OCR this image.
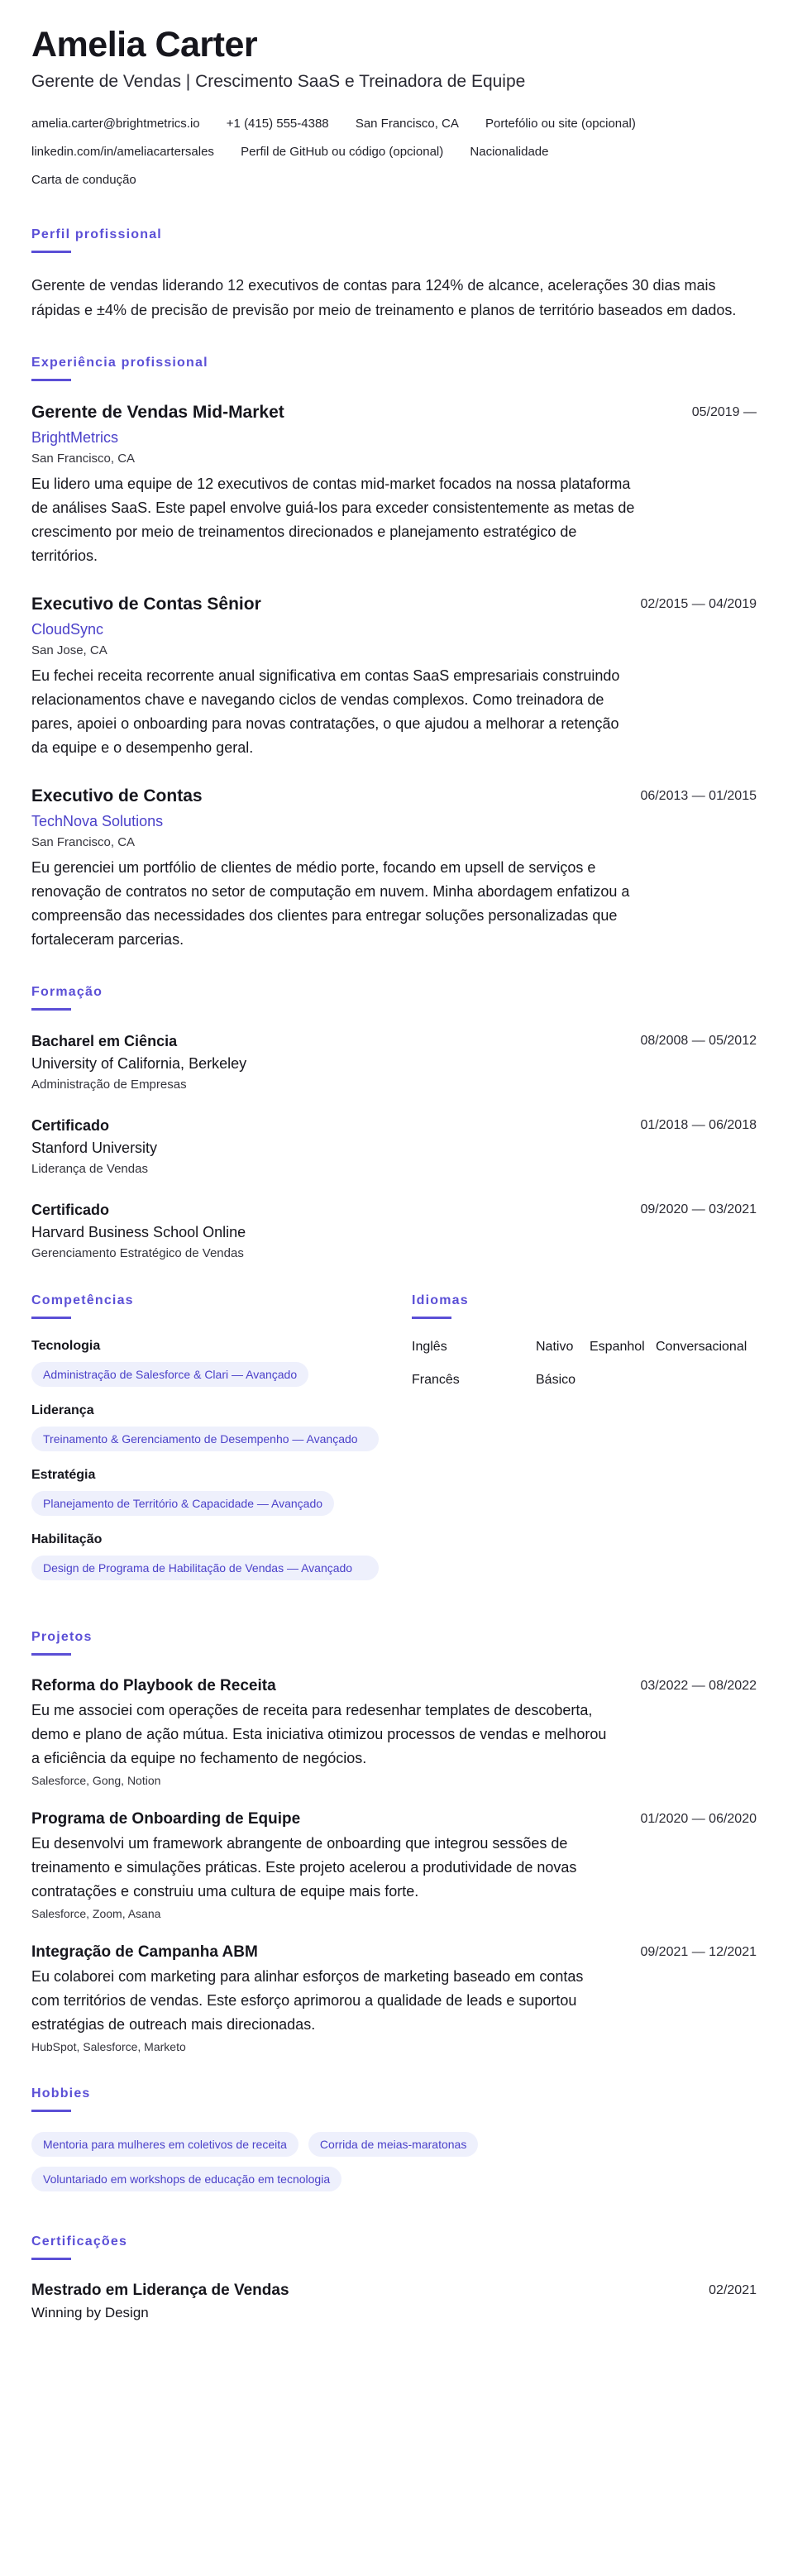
Amelia Carter
Gerente de Vendas | Crescimento SaaS e Treinadora de Equipe
amelia.carter@brightmetrics.io +1 (415) 555-4388 San Francisco, CA Portefólio ou site (opcional)
linkedin.com/in/ameliacartersales Perfil de GitHub ou código (opcional) Nacionalidade
Carta de condução
Perfil profissional
Gerente de vendas liderando 12 executivos de contas para 124% de alcance, acelerações 30 dias mais rápidas e ±4% de precisão de previsão por meio de treinamento e planos de território baseados em dados.
Experiência profissional
Gerente de Vendas Mid-Market	05/2019 —
BrightMetrics
San Francisco, CA
Eu lidero uma equipe de 12 executivos de contas mid-market focados na nossa plataforma de análises SaaS. Este papel envolve guiá-los para exceder consistentemente as metas de crescimento por meio de treinamentos direcionados e planejamento estratégico de territórios.
Executivo de Contas Sênior	02/2015 — 04/2019
CloudSync
San Jose, CA
Eu fechei receita recorrente anual significativa em contas SaaS empresariais construindo relacionamentos chave e navegando ciclos de vendas complexos. Como treinadora de pares, apoiei o onboarding para novas contratações, o que ajudou a melhorar a retenção da equipe e o desempenho geral.
Executivo de Contas	06/2013 — 01/2015
TechNova Solutions
San Francisco, CA
Eu gerenciei um portfólio de clientes de médio porte, focando em upsell de serviços e renovação de contratos no setor de computação em nuvem. Minha abordagem enfatizou a compreensão das necessidades dos clientes para entregar soluções personalizadas que fortaleceram parcerias.
Formação
Bacharel em Ciência	08/2008 — 05/2012
University of California, Berkeley
Administração de Empresas
Certificado	01/2018 — 06/2018
Stanford University
Liderança de Vendas
Certificado	09/2020 — 03/2021
Harvard Business School Online
Gerenciamento Estratégico de Vendas
Competências
Tecnologia
Administração de Salesforce & Clari — Avançado
Liderança
Treinamento & Gerenciamento de Desempenho — Avançado
Estratégia
Planejamento de Território & Capacidade — Avançado
Habilitação
Design de Programa de Habilitação de Vendas — Avançado
Idiomas
Inglês	Nativo	Espanhol Conversacional
Francês	Básico
Projetos
Reforma do Playbook de Receita	03/2022 — 08/2022
Eu me associei com operações de receita para redesenhar templates de descoberta, demo e plano de ação mútua. Esta iniciativa otimizou processos de vendas e melhorou a eficiência da equipe no fechamento de negócios.
Salesforce, Gong, Notion
Programa de Onboarding de Equipe	01/2020 — 06/2020
Eu desenvolvi um framework abrangente de onboarding que integrou sessões de treinamento e simulações práticas. Este projeto acelerou a produtividade de novas contratações e construiu uma cultura de equipe mais forte.
Salesforce, Zoom, Asana
Integração de Campanha ABM	09/2021 — 12/2021
Eu colaborei com marketing para alinhar esforços de marketing baseado em contas com territórios de vendas. Este esforço aprimorou a qualidade de leads e suportou estratégias de outreach mais direcionadas.
HubSpot, Salesforce, Marketo
Hobbies
Mentoria para mulheres em coletivos de receita	Corrida de meias-maratonas
Voluntariado em workshops de educação em tecnologia
Certificações
Mestrado em Liderança de Vendas	02/2021
Winning by Design
